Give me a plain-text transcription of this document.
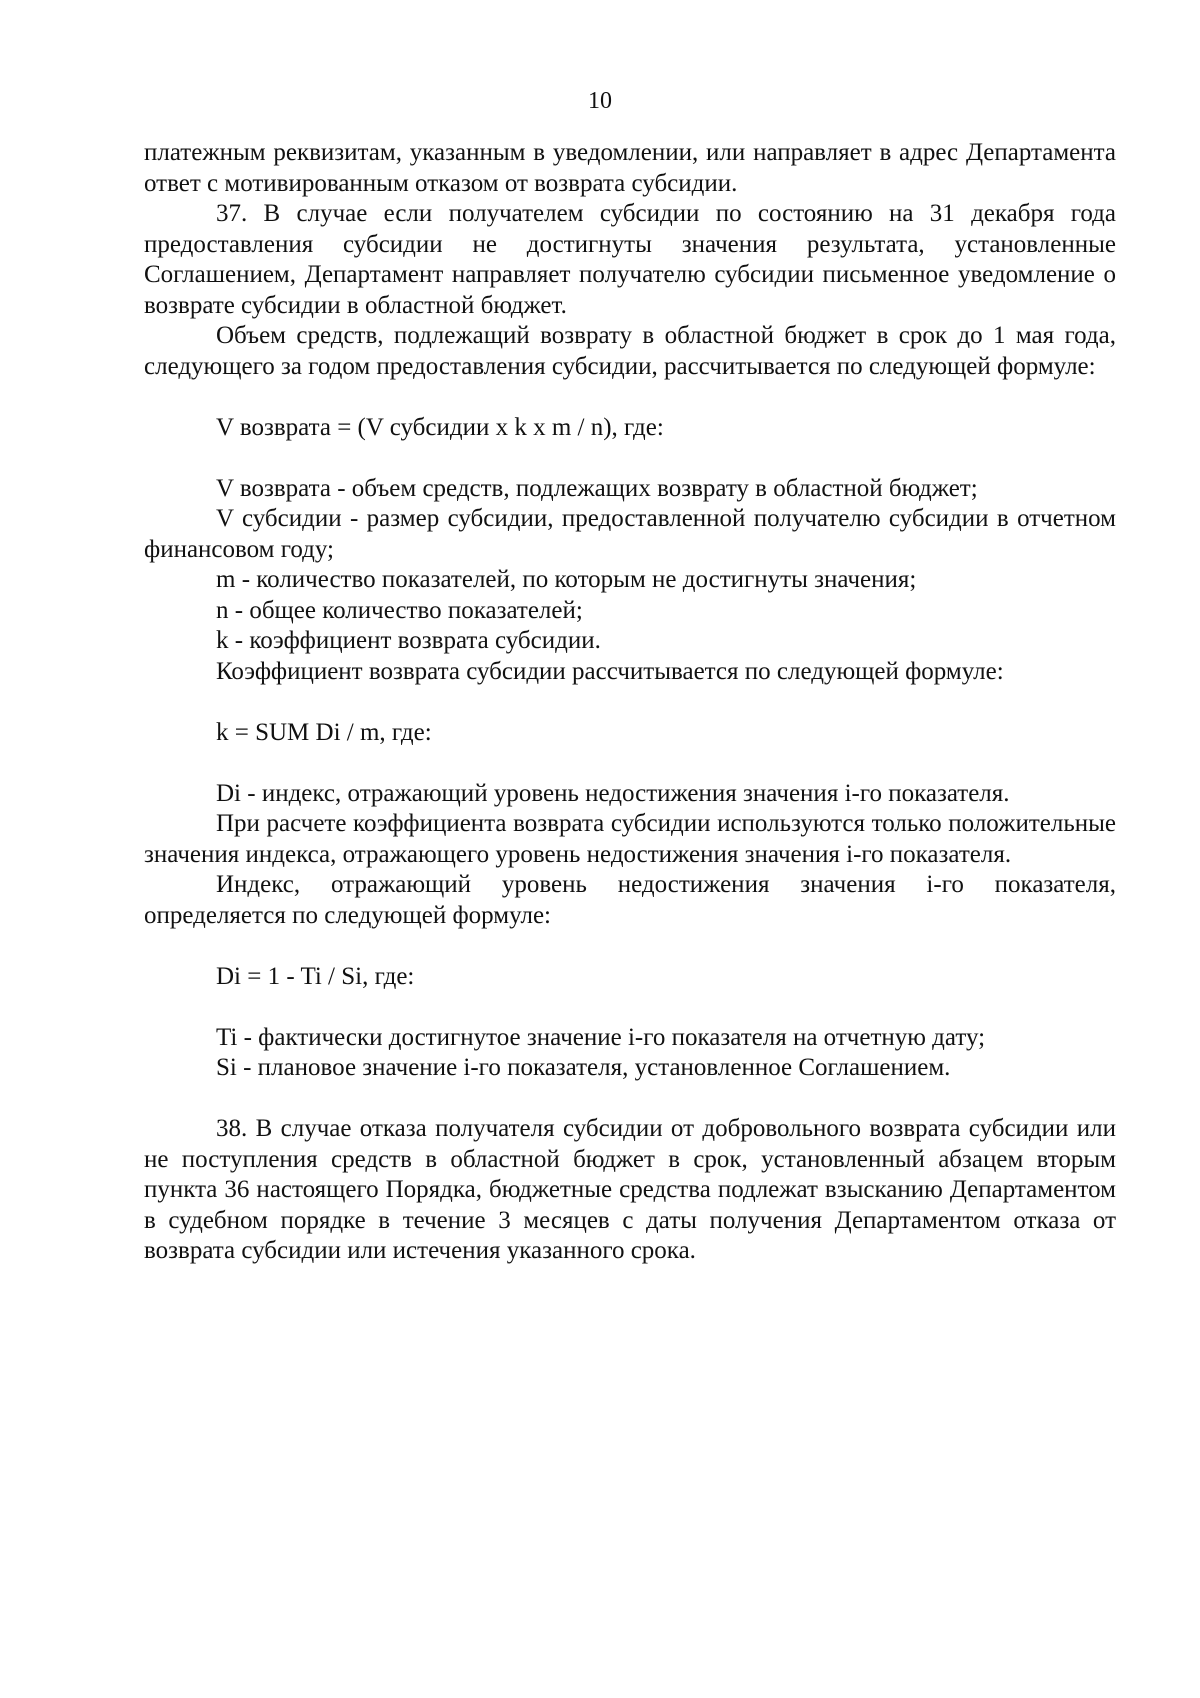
10

платежным реквизитам, указанным в уведомлении, или направляет в адрес Департамента ответ с мотивированным отказом от возврата субсидии.

37. В случае если получателем субсидии по состоянию на 31 декабря года предоставления субсидии не достигнуты значения результата, установленные Соглашением, Департамент направляет получателю субсидии письменное уведомление о возврате субсидии в областной бюджет.

Объем средств, подлежащий возврату в областной бюджет в срок до 1 мая года, следующего за годом предоставления субсидии, рассчитывается по следующей формуле:

V возврата = (V субсидии x k x m / n), где:

V возврата - объем средств, подлежащих возврату в областной бюджет;

V субсидии - размер субсидии, предоставленной получателю субсидии в отчетном финансовом году;

m - количество показателей, по которым не достигнуты значения;

n - общее количество показателей;

k - коэффициент возврата субсидии.

Коэффициент возврата субсидии рассчитывается по следующей формуле:

k = SUM Di / m, где:

Di - индекс, отражающий уровень недостижения значения i-го показателя.

При расчете коэффициента возврата субсидии используются только положительные значения индекса, отражающего уровень недостижения значения i-го показателя.

Индекс, отражающий уровень недостижения значения i-го показателя, определяется по следующей формуле:

Di = 1 - Ti / Si, где:

Ti - фактически достигнутое значение i-го показателя на отчетную дату;

Si - плановое значение i-го показателя, установленное Соглашением.

38. В случае отказа получателя субсидии от добровольного возврата субсидии или не поступления средств в областной бюджет в срок, установленный абзацем вторым пункта 36 настоящего Порядка, бюджетные средства подлежат взысканию Департаментом в судебном порядке в течение 3 месяцев с даты получения Департаментом отказа от возврата субсидии или истечения указанного срока.
